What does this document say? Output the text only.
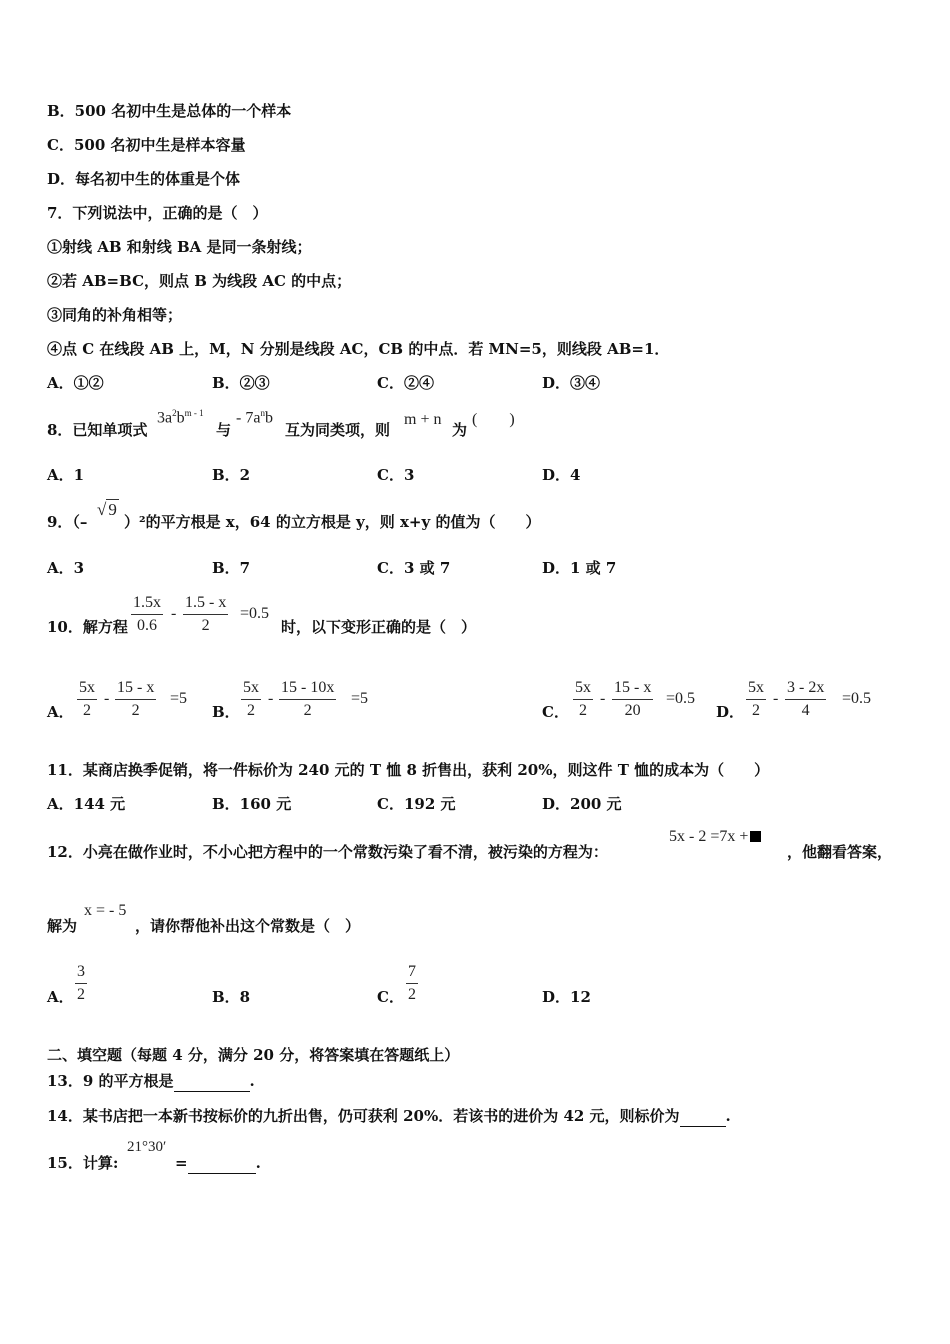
B．500 名初中生是总体的一个样本
C．500 名初中生是样本容量
D．每名初中生的体重是个体
7．下列说法中，正确的是（　）
①射线 AB 和射线 BA 是同一条射线；
②若 AB=BC，则点 B 为线段 AC 的中点；
③同角的补角相等；
④点 C 在线段 AB 上，M，N 分别是线段 AC，CB 的中点．若 MN=5，则线段 AB=1．
A．①②	B．②③	C．②④	D．③④
8．已知单项式
$3a^2b^{m - 1}$
与
- $7a^nb$
互为同类项，则
m + n
为
(　　)
A．1	B．2	C．3	D．4
9．（–
√ 9
）²的平方根是 x，64 的立方根是 y，则 x+y 的值为（　　）
A．3	B．7	C．3 或 7	D．1 或 7
10．解方程 $\frac{1.5x}{0.6} - \frac{1.5 - x}{2} =0.5$
时，以下变形正确的是（　）
A． $\frac{5x}{2} - \frac{15 - x}{2} =5$
B． $\frac{5x}{2} - \frac{15 - 10x}{2} =5$
C． $\frac{5x}{2} - \frac{15 - x}{20} =0.5$
D． $\frac{5x}{2} - \frac{3 - 2x}{4} =0.5$
11．某商店换季促销，将一件标价为 240 元的 T 恤 8 折售出，获利 20%，则这件 T 恤的成本为（　　）
A．144 元	B．160 元	C．192 元	D．200 元
12．小亮在做作业时，不小心把方程中的一个常数污染了看不清，被污染的方程为：
5x - 2 =7x +
，他翻看答案，
解为
x = - 5
，请你帮他补出这个常数是（　）
A． $\frac{3}{2}$	B．8	C． $\frac{7}{2}$	D．12
二、填空题（每题 4 分，满分 20 分，将答案填在答题纸上）
13．9 的平方根是	.
14．某书店把一本新书按标价的九折出售，仍可获利 20%．若该书的进价为 42 元，则标价为	.
15．计算:
21°30′
=	.
